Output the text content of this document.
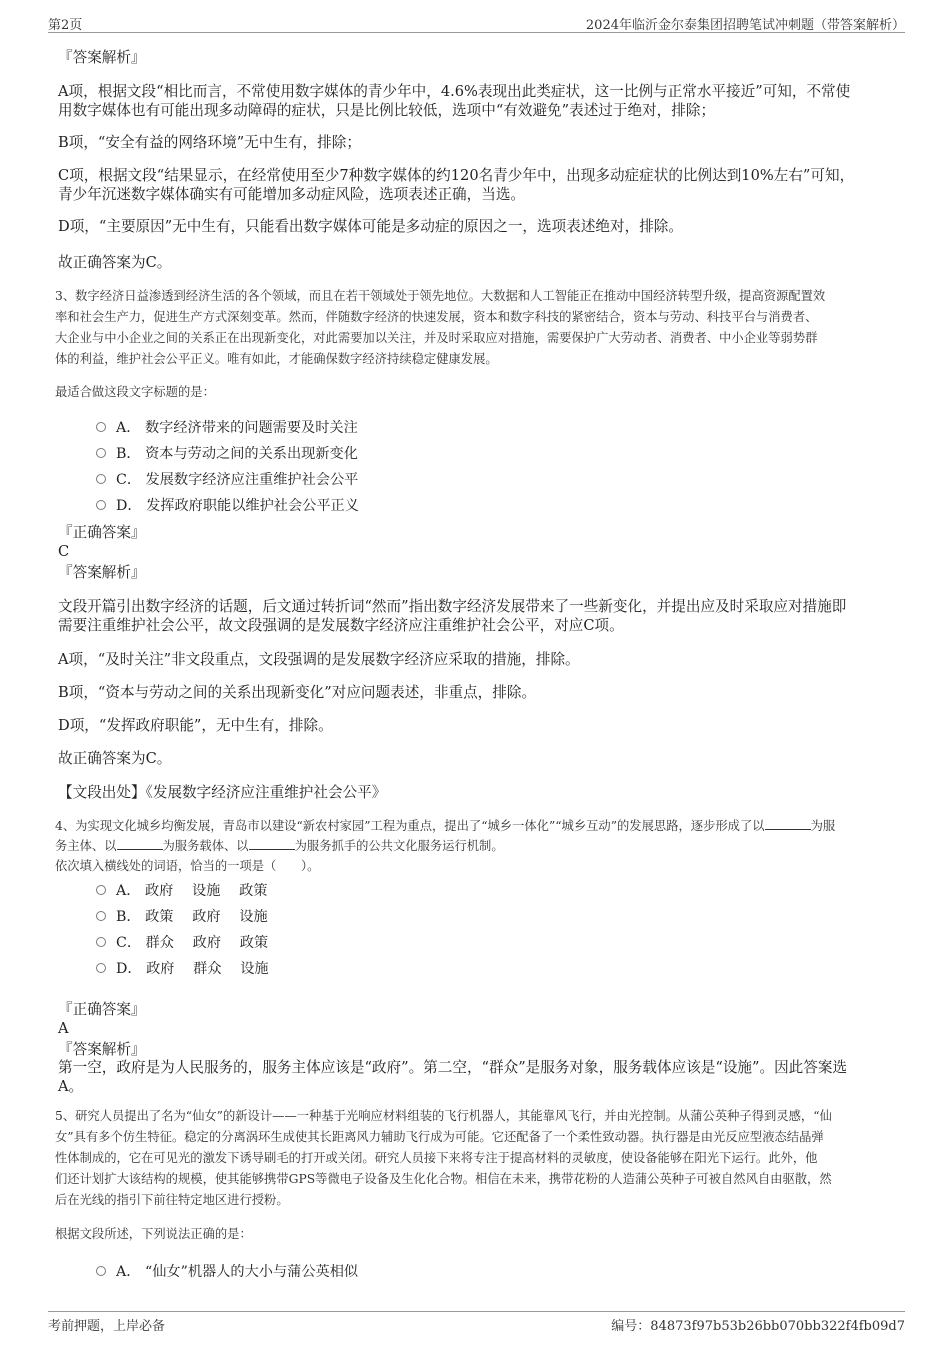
第2页	2024年临沂金尔泰集团招聘笔试冲刺题（带答案解析）
『答案解析』
A项，根据文段“相比而言，不常使用数字媒体的青少年中，4.6%表现出此类症状，这一比例与正常水平接近”可知，不常使
用数字媒体也有可能出现多动障碍的症状，只是比例比较低，选项中“有效避免”表述过于绝对，排除；
B项，“安全有益的网络环境”无中生有，排除；
C项，根据文段“结果显示，在经常使用至少7种数字媒体的约120名青少年中，出现多动症症状的比例达到10%左右”可知，
青少年沉迷数字媒体确实有可能增加多动症风险，选项表述正确，当选。
D项，“主要原因”无中生有，只能看出数字媒体可能是多动症的原因之一，选项表述绝对，排除。
故正确答案为C。
3、数字经济日益渗透到经济生活的各个领域，而且在若干领域处于领先地位。大数据和人工智能正在推动中国经济转型升级，提高资源配置效
率和社会生产力，促进生产方式深刻变革。然而，伴随数字经济的快速发展，资本和数字科技的紧密结合，资本与劳动、科技平台与消费者、
大企业与中小企业之间的关系正在出现新变化，对此需要加以关注，并及时采取应对措施，需要保护广大劳动者、消费者、中小企业等弱势群
体的利益，维护社会公平正义。唯有如此，才能确保数字经济持续稳定健康发展。
最适合做这段文字标题的是：
A． 数字经济带来的问题需要及时关注
B． 资本与劳动之间的关系出现新变化
C． 发展数字经济应注重维护社会公平
D． 发挥政府职能以维护社会公平正义
『正确答案』
C
『答案解析』
文段开篇引出数字经济的话题，后文通过转折词“然而”指出数字经济发展带来了一些新变化，并提出应及时采取应对措施即
需要注重维护社会公平，故文段强调的是发展数字经济应注重维护社会公平，对应C项。
A项，“及时关注”非文段重点，文段强调的是发展数字经济应采取的措施，排除。
B项，“资本与劳动之间的关系出现新变化”对应问题表述，非重点，排除。
D项，“发挥政府职能”，无中生有，排除。
故正确答案为C。
【文段出处】《发展数字经济应注重维护社会公平》
4、为实现文化城乡均衡发展，青岛市以建设“新农村家园”工程为重点，提出了“城乡一体化”“城乡互动”的发展思路，逐步形成了以	为服
务主体、以	为服务载体、以	为服务抓手的公共文化服务运行机制。
依次填入横线处的词语，恰当的一项是（　　）。
A． 政府　 设施　 政策
B． 政策　 政府　 设施
C． 群众　 政府　 政策
D． 政府　 群众　 设施
『正确答案』
A
『答案解析』
第一空，政府是为人民服务的，服务主体应该是“政府”。第二空，“群众”是服务对象，服务载体应该是“设施”。因此答案选
A。
5、研究人员提出了名为“仙女”的新设计——一种基于光响应材料组装的飞行机器人，其能靠风飞行，并由光控制。从蒲公英种子得到灵感，“仙
女”具有多个仿生特征。稳定的分离涡环生成使其长距离风力辅助飞行成为可能。它还配备了一个柔性致动器。执行器是由光反应型液态结晶弹
性体制成的，它在可见光的激发下诱导刷毛的打开或关闭。研究人员接下来将专注于提高材料的灵敏度，使设备能够在阳光下运行。此外，他
们还计划扩大该结构的规模，使其能够携带GPS等微电子设备及生化化合物。相信在未来，携带花粉的人造蒲公英种子可被自然风自由驱散，然
后在光线的指引下前往特定地区进行授粉。
根据文段所述，下列说法正确的是：
A． “仙女”机器人的大小与蒲公英相似
考前押题，上岸必备	编号：84873f97b53b26bb070bb322f4fb09d7
